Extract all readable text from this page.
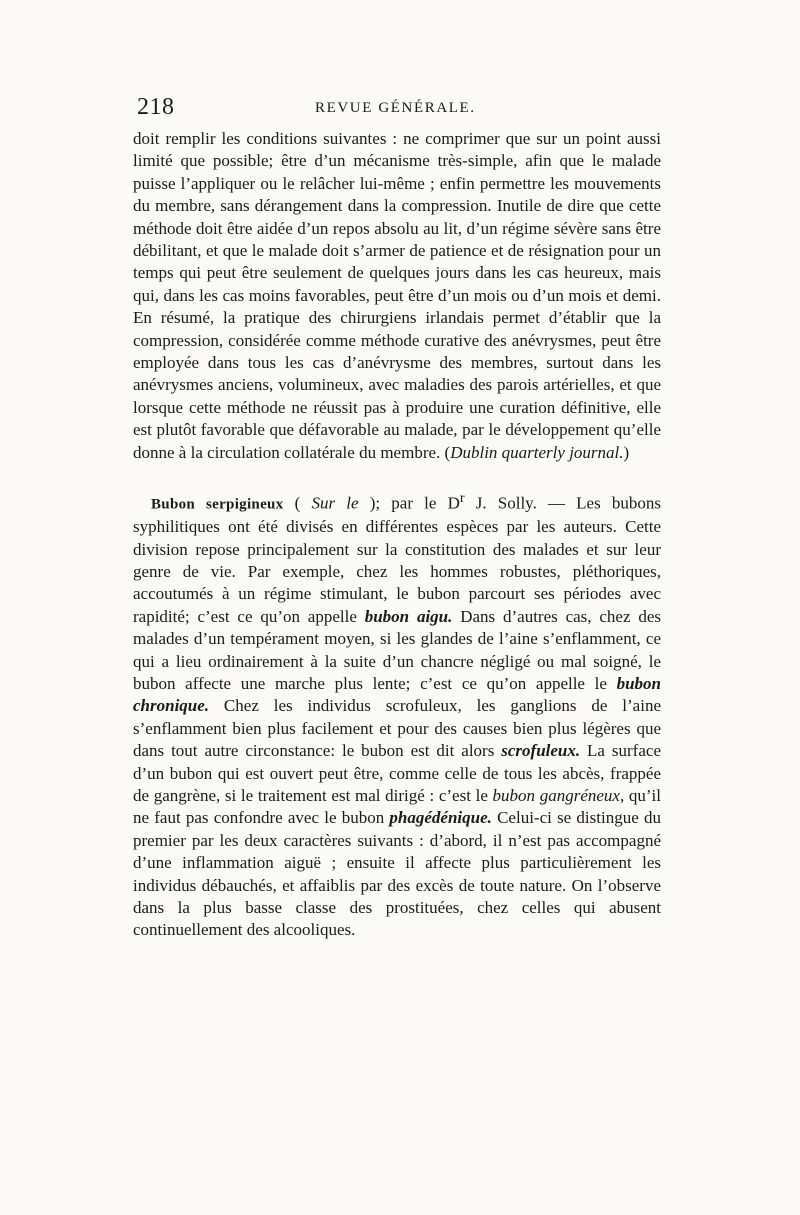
218	REVUE GÉNÉRALE.

doit remplir les conditions suivantes : ne comprimer que sur un point aussi limité que possible; être d’un mécanisme très-simple, afin que le malade puisse l’appliquer ou le relâcher lui-même ; enfin permettre les mouvements du membre, sans dérangement dans la compression. Inutile de dire que cette méthode doit être aidée d’un repos absolu au lit, d’un régime sévère sans être débilitant, et que le malade doit s’armer de patience et de résignation pour un temps qui peut être seulement de quelques jours dans les cas heureux, mais qui, dans les cas moins favorables, peut être d’un mois ou d’un mois et demi. En résumé, la pratique des chirurgiens irlandais permet d’établir que la compression, considérée comme méthode curative des anévrysmes, peut être employée dans tous les cas d’anévrysme des membres, surtout dans les anévrysmes anciens, volumineux, avec maladies des parois artérielles, et que lorsque cette méthode ne réussit pas à produire une curation définitive, elle est plutôt favorable que défavorable au malade, par le développement qu’elle donne à la circulation collatérale du membre. (Dublin quarterly journal.)

Bubon serpigineux ( Sur le ); par le $D^r$ J. Solly. — Les bubons syphilitiques ont été divisés en différentes espèces par les auteurs. Cette division repose principalement sur la constitution des malades et sur leur genre de vie. Par exemple, chez les hommes robustes, pléthoriques, accoutumés à un régime stimulant, le bubon parcourt ses périodes avec rapidité; c’est ce qu’on appelle bubon aigu. Dans d’autres cas, chez des malades d’un tempérament moyen, si les glandes de l’aine s’enflamment, ce qui a lieu ordinairement à la suite d’un chancre négligé ou mal soigné, le bubon affecte une marche plus lente; c’est ce qu’on appelle le bubon chronique. Chez les individus scrofuleux, les ganglions de l’aine s’enflamment bien plus facilement et pour des causes bien plus légères que dans tout autre circonstance: le bubon est dit alors scrofuleux. La surface d’un bubon qui est ouvert peut être, comme celle de tous les abcès, frappée de gangrène, si le traitement est mal dirigé : c’est le bubon gangréneux, qu’il ne faut pas confondre avec le bubon phagédénique. Celui-ci se distingue du premier par les deux caractères suivants : d’abord, il n’est pas accompagné d’une inflammation aiguë ; ensuite il affecte plus particulièrement les individus débauchés, et affaiblis par des excès de toute nature. On l’observe dans la plus basse classe des prostituées, chez celles qui abusent continuellement des alcooliques.
